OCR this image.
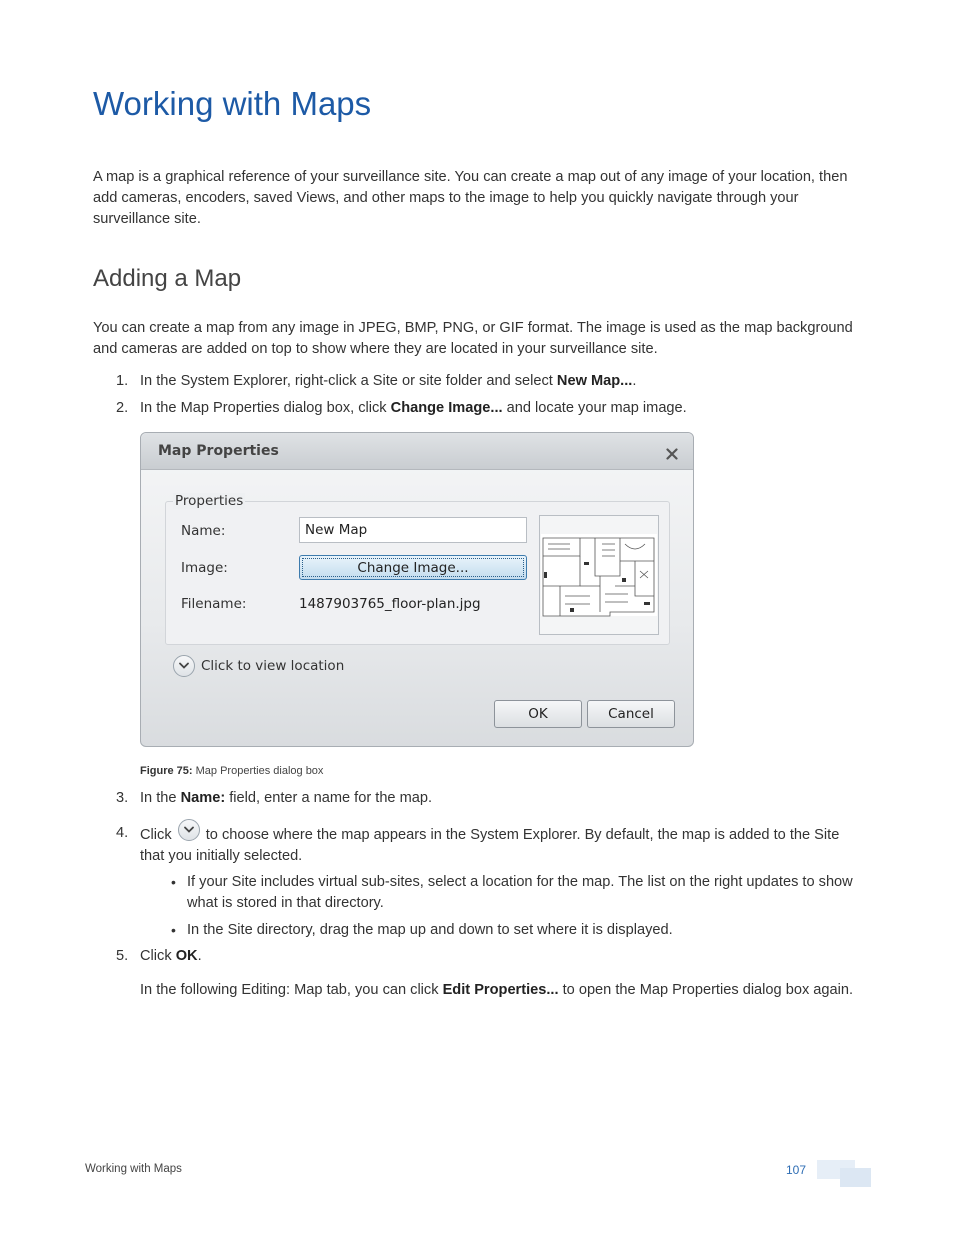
Working with Maps

A map is a graphical reference of your surveillance site. You can create a map out of any image of your location, then add cameras, encoders, saved Views, and other maps to the image to help you quickly navigate through your surveillance site.

Adding a Map

You can create a map from any image in JPEG, BMP, PNG, or GIF format. The image is used as the map background and cameras are added on top to show where they are located in your surveillance site.

1. In the System Explorer, right-click a Site or site folder and select New Map....
2. In the Map Properties dialog box, click Change Image... and locate your map image.
Map Properties
Properties
Name:
New Map
Image:	Change Image...
Filename:	1487903765_floor-plan.jpg
Click to view location
OK	Cancel
Figure 75: Map Properties dialog box
3. In the Name: field, enter a name for the map.
4. Click
to choose where the map appears in the System Explorer. By default, the map is added to the Site that you initially selected.
• If your Site includes virtual sub-sites, select a location for the map. The list on the right updates to show what is stored in that directory.
• In the Site directory, drag the map up and down to set where it is displayed.
5. Click OK.
In the following Editing: Map tab, you can click Edit Properties... to open the Map Properties dialog box again.
Working with Maps	107
